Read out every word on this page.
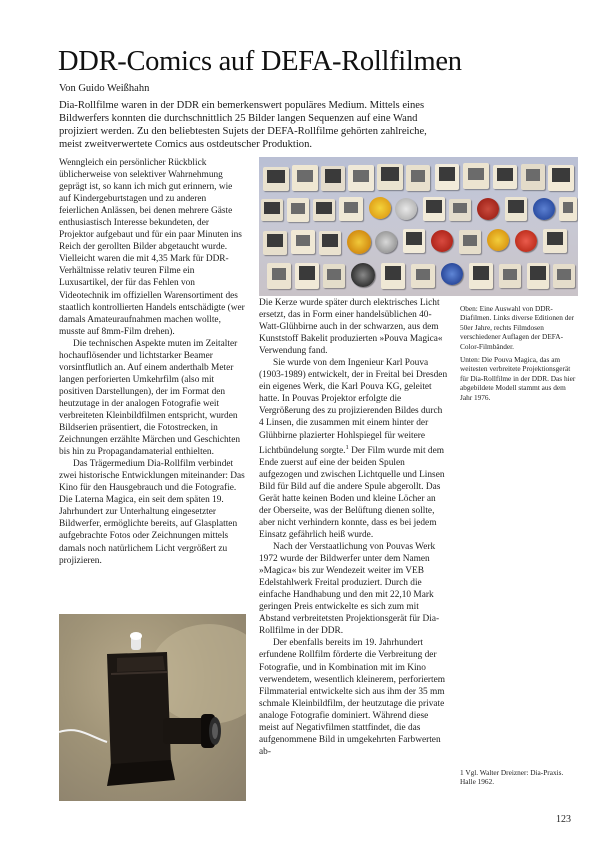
DDR-Comics auf DEFA-Rollfilmen
Von Guido Weißhahn
Dia-Rollfilme waren in der DDR ein bemerkenswert populäres Medium. Mittels eines Bildwerfers konnten die durchschnittlich 25 Bilder langen Sequenzen auf eine Wand projiziert werden. Zu den beliebtesten Sujets der DEFA-Rollfilme gehörten zahlreiche, meist zweitverwertete Comics aus ostdeutscher Produktion.

Wenngleich ein persönlicher Rückblick üblicherweise von selektiver Wahrnehmung geprägt ist, so kann ich mich gut erinnern, wie auf Kindergeburtstagen und zu anderen feierlichen Anlässen, bei denen mehrere Gäste enthusiastisch Interesse bekundeten, der Projektor aufgebaut und für ein paar Minuten ins Reich der gerollten Bilder abgetaucht wurde. Vielleicht waren die mit 4,35 Mark für DDR-Verhältnisse relativ teuren Filme ein Luxusartikel, der für das Fehlen von Videotechnik im offiziellen Warensortiment des staatlich kontrollierten Handels entschädigte (wer damals Amateuraufnahmen machen wollte, musste auf 8mm-Film drehen).

Die technischen Aspekte muten im Zeitalter hochauflösender und lichtstarker Beamer vorsintflutlich an. Auf einem anderthalb Meter langen perforierten Umkehrfilm (also mit positiven Darstellungen), der im Format den heutzutage in der analogen Fotografie weit verbreiteten Kleinbildfilmen entspricht, wurden Bildserien präsentiert, die Fotostrecken, in Zeichnungen erzählte Märchen und Geschichten bis hin zu Propagandamaterial enthielten.

Das Trägermedium Dia-Rollfilm verbindet zwei historische Entwicklungen miteinander: Das Kino für den Hausgebrauch und die Fotografie. Die Laterna Magica, ein seit dem späten 19. Jahrhundert zur Unterhaltung eingesetzter Bildwerfer, ermöglichte bereits, auf Glasplatten aufgebrachte Fotos oder Zeichnungen mittels damals noch natürlichem Licht vergrößert zu projizieren.

Die Kerze wurde später durch elektrisches Licht ersetzt, das in Form einer handelsüblichen 40-Watt-Glühbirne auch in der schwarzen, aus dem Kunststoff Bakelit produzierten »Pouva Magica« Verwendung fand.

Sie wurde von dem Ingenieur Karl Pouva (1903-1989) entwickelt, der in Freital bei Dresden ein eigenes Werk, die Karl Pouva KG, geleitet hatte. In Pouvas Projektor erfolgte die Vergrößerung des zu projizierenden Bildes durch 4 Linsen, die zusammen mit einem hinter der Glühbirne plazierter Hohlspiegel für weitere Lichtbündelung sorgte.$^1$ Der Film wurde mit dem Ende zuerst auf eine der beiden Spulen aufgezogen und zwischen Lichtquelle und Linsen Bild für Bild auf die andere Spule abgerollt. Das Gerät hatte keinen Boden und kleine Löcher an der Oberseite, was der Belüftung dienen sollte, aber nicht verhindern konnte, dass es bei jedem Einsatz gefährlich heiß wurde.

Nach der Verstaatlichung von Pouvas Werk 1972 wurde der Bildwerfer unter dem Namen »Magica« bis zur Wendezeit weiter im VEB Edelstahlwerk Freital produziert. Durch die einfache Handhabung und den mit 22,10 Mark geringen Preis entwickelte es sich zum mit Abstand verbreitetsten Projektionsgerät für Dia-Rollfilme in der DDR.

Der ebenfalls bereits im 19. Jahrhundert erfundene Rollfilm förderte die Verbreitung der Fotografie, und in Kombination mit im Kino verwendetem, wesentlich kleinerem, perforiertem Filmmaterial entwickelte sich aus ihm der 35 mm schmale Kleinbildfilm, der heutzutage die private analoge Fotografie dominiert. Während diese meist auf Negativfilmen stattfindet, die das aufgenommene Bild in umgekehrten Farbwerten ab-

Oben: Eine Auswahl von DDR-Diafilmen. Links diverse Editionen der 50er Jahre, rechts Filmdosen verschiedener Auflagen der DEFA-Color-Filmbänder.

Unten: Die Pouva Magica, das am weitesten verbreitete Projektionsgerät für Dia-Rollfilme in der DDR. Das hier abgebildete Modell stammt aus dem Jahr 1976.

1 Vgl. Walter Dreizner: Dia-Praxis. Halle 1962.
123
